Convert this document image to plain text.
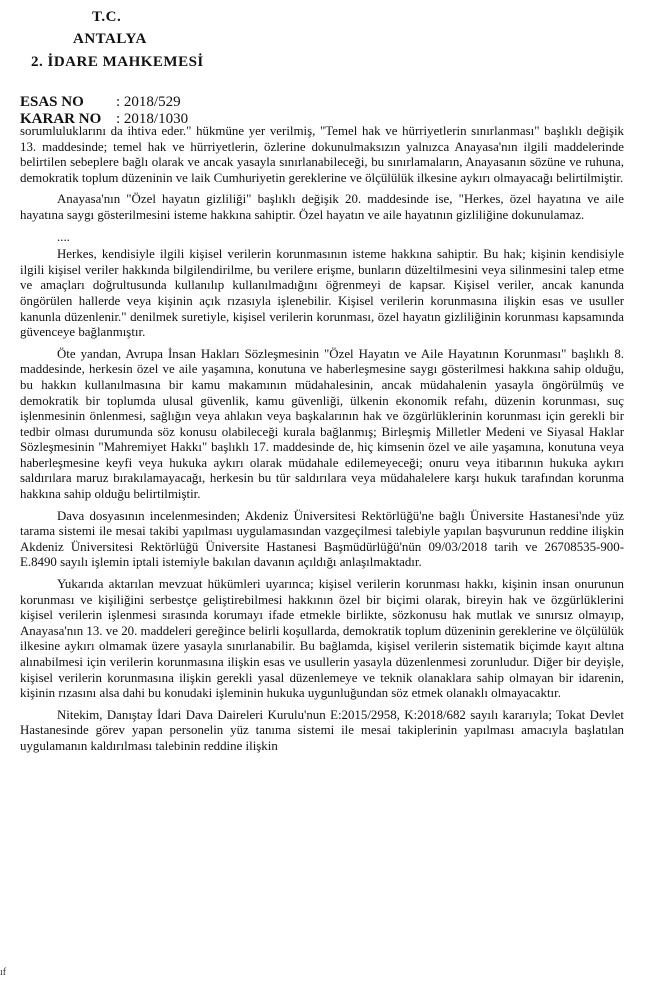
T.C.
ANTALYA
2. İDARE MAHKEMESİ
ESAS NO : 2018/529
KARAR NO : 2018/1030

sorumluluklarını da ihtiva eder." hükmüne yer verilmiş, "Temel hak ve hürriyetlerin sınırlanması" başlıklı değişik 13. maddesinde; temel hak ve hürriyetlerin, özlerine dokunulmaksızın yalnızca Anayasa'nın ilgili maddelerinde belirtilen sebeplere bağlı olarak ve ancak yasayla sınırlanabileceği, bu sınırlamaların, Anayasanın sözüne ve ruhuna, demokratik toplum düzeninin ve laik Cumhuriyetin gereklerine ve ölçülülük ilkesine aykırı olmayacağı belirtilmiştir.

Anayasa'nın "Özel hayatın gizliliği" başlıklı değişik 20. maddesinde ise, "Herkes, özel hayatına ve aile hayatına saygı gösterilmesini isteme hakkına sahiptir. Özel hayatın ve aile hayatının gizliliğine dokunulamaz.

....

Herkes, kendisiyle ilgili kişisel verilerin korunmasının isteme hakkına sahiptir. Bu hak; kişinin kendisiyle ilgili kişisel veriler hakkında bilgilendirilme, bu verilere erişme, bunların düzeltilmesini veya silinmesini talep etme ve amaçları doğrultusunda kullanılıp kullanılmadığını öğrenmeyi de kapsar. Kişisel veriler, ancak kanunda öngörülen hallerde veya kişinin açık rızasıyla işlenebilir. Kişisel verilerin korunmasına ilişkin esas ve usuller kanunla düzenlenir." denilmek suretiyle, kişisel verilerin korunması, özel hayatın gizliliğinin korunması kapsamında güvenceye bağlanmıştır.

Öte yandan, Avrupa İnsan Hakları Sözleşmesinin "Özel Hayatın ve Aile Hayatının Korunması" başlıklı 8. maddesinde, herkesin özel ve aile yaşamına, konutuna ve haberleşmesine saygı gösterilmesi hakkına sahip olduğu, bu hakkın kullanılmasına bir kamu makamının müdahalesinin, ancak müdahalenin yasayla öngörülmüş ve demokratik bir toplumda ulusal güvenlik, kamu güvenliği, ülkenin ekonomik refahı, düzenin korunması, suç işlenmesinin önlenmesi, sağlığın veya ahlakın veya başkalarının hak ve özgürlüklerinin korunması için gerekli bir tedbir olması durumunda söz konusu olabileceği kurala bağlanmış; Birleşmiş Milletler Medeni ve Siyasal Haklar Sözleşmesinin "Mahremiyet Hakkı" başlıklı 17. maddesinde de, hiç kimsenin özel ve aile yaşamına, konutuna veya haberleşmesine keyfi veya hukuka aykırı olarak müdahale edilemeyeceği; onuru veya itibarının hukuka aykırı saldırılara maruz bırakılamayacağı, herkesin bu tür saldırılara veya müdahalelere karşı hukuk tarafından korunma hakkına sahip olduğu belirtilmiştir.

Dava dosyasının incelenmesinden; Akdeniz Üniversitesi Rektörlüğü'ne bağlı Üniversite Hastanesi'nde yüz tarama sistemi ile mesai takibi yapılması uygulamasından vazgeçilmesi talebiyle yapılan başvurunun reddine ilişkin Akdeniz Üniversitesi Rektörlüğü Üniversite Hastanesi Başmüdürlüğü'nün 09/03/2018 tarih ve 26708535-900- E.8490 sayılı işlemin iptali istemiyle bakılan davanın açıldığı anlaşılmaktadır.

Yukarıda aktarılan mevzuat hükümleri uyarınca; kişisel verilerin korunması hakkı, kişinin insan onurunun korunması ve kişiliğini serbestçe geliştirebilmesi hakkının özel bir biçimi olarak, bireyin hak ve özgürlüklerini kişisel verilerin işlenmesi sırasında korumayı ifade etmekle birlikte, sözkonusu hak mutlak ve sınırsız olmayıp, Anayasa'nın 13. ve 20. maddeleri gereğince belirli koşullarda, demokratik toplum düzeninin gereklerine ve ölçülülük ilkesine aykırı olmamak üzere yasayla sınırlanabilir. Bu bağlamda, kişisel verilerin sistematik biçimde kayıt altına alınabilmesi için verilerin korunmasına ilişkin esas ve usullerin yasayla düzenlenmesi zorunludur. Diğer bir deyişle, kişisel verilerin korunmasına ilişkin gerekli yasal düzenlemeye ve teknik olanaklara sahip olmayan bir idarenin, kişinin rızasını alsa dahi bu konudaki işleminin hukuka uygunluğundan söz etmek olanaklı olmayacaktır.

Nitekim, Danıştay İdari Dava Daireleri Kurulu'nun E:2015/2958, K:2018/682 sayılı kararıyla; Tokat Devlet Hastanesinde görev yapan personelin yüz tanıma sistemi ile mesai takiplerinin yapılması amacıyla başlatılan uygulamanın kaldırılması talebinin reddine ilişkin

ıf
